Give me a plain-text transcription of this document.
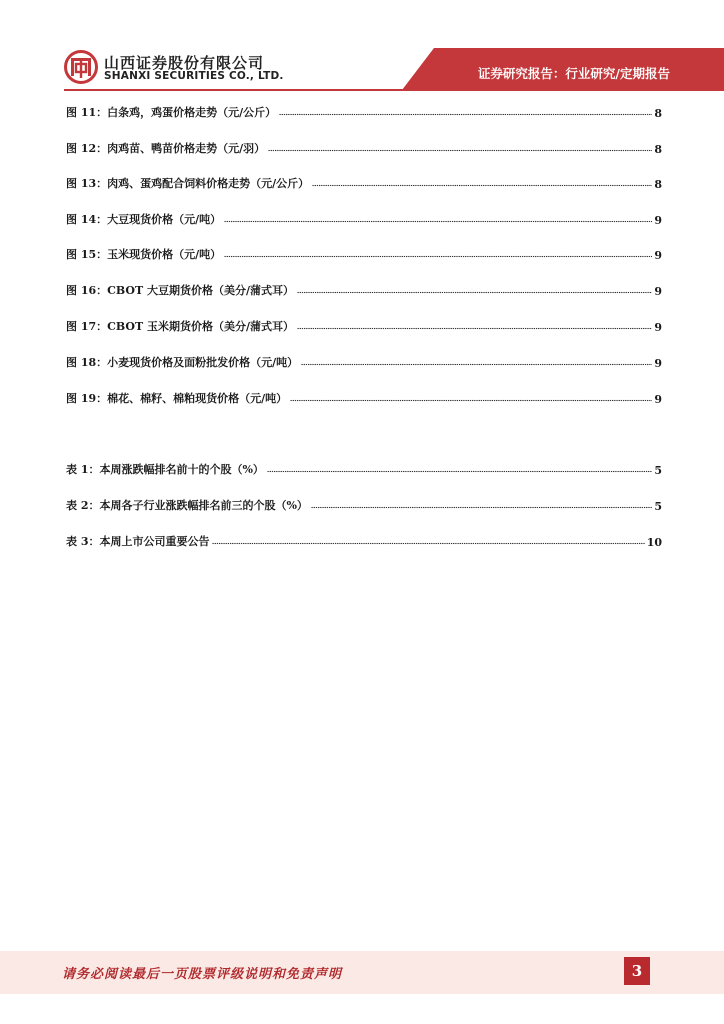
山西证券股份有限公司
SHANXI SECURITIES CO., LTD.	证券研究报告：行业研究/定期报告
图 11：白条鸡，鸡蛋价格走势（元/公斤）	8
图 12：肉鸡苗、鸭苗价格走势（元/羽）	8
图 13：肉鸡、蛋鸡配合饲料价格走势（元/公斤）	8
图 14：大豆现货价格（元/吨）	9
图 15：玉米现货价格（元/吨）	9
图 16：CBOT 大豆期货价格（美分/蒲式耳）	9
图 17：CBOT 玉米期货价格（美分/蒲式耳）	9
图 18：小麦现货价格及面粉批发价格（元/吨）	9
图 19：棉花、棉籽、棉粕现货价格（元/吨）	9
表 1：本周涨跌幅排名前十的个股（%）	5
表 2：本周各子行业涨跌幅排名前三的个股（%）	5
表 3：本周上市公司重要公告	10
请务必阅读最后一页股票评级说明和免责声明	3
